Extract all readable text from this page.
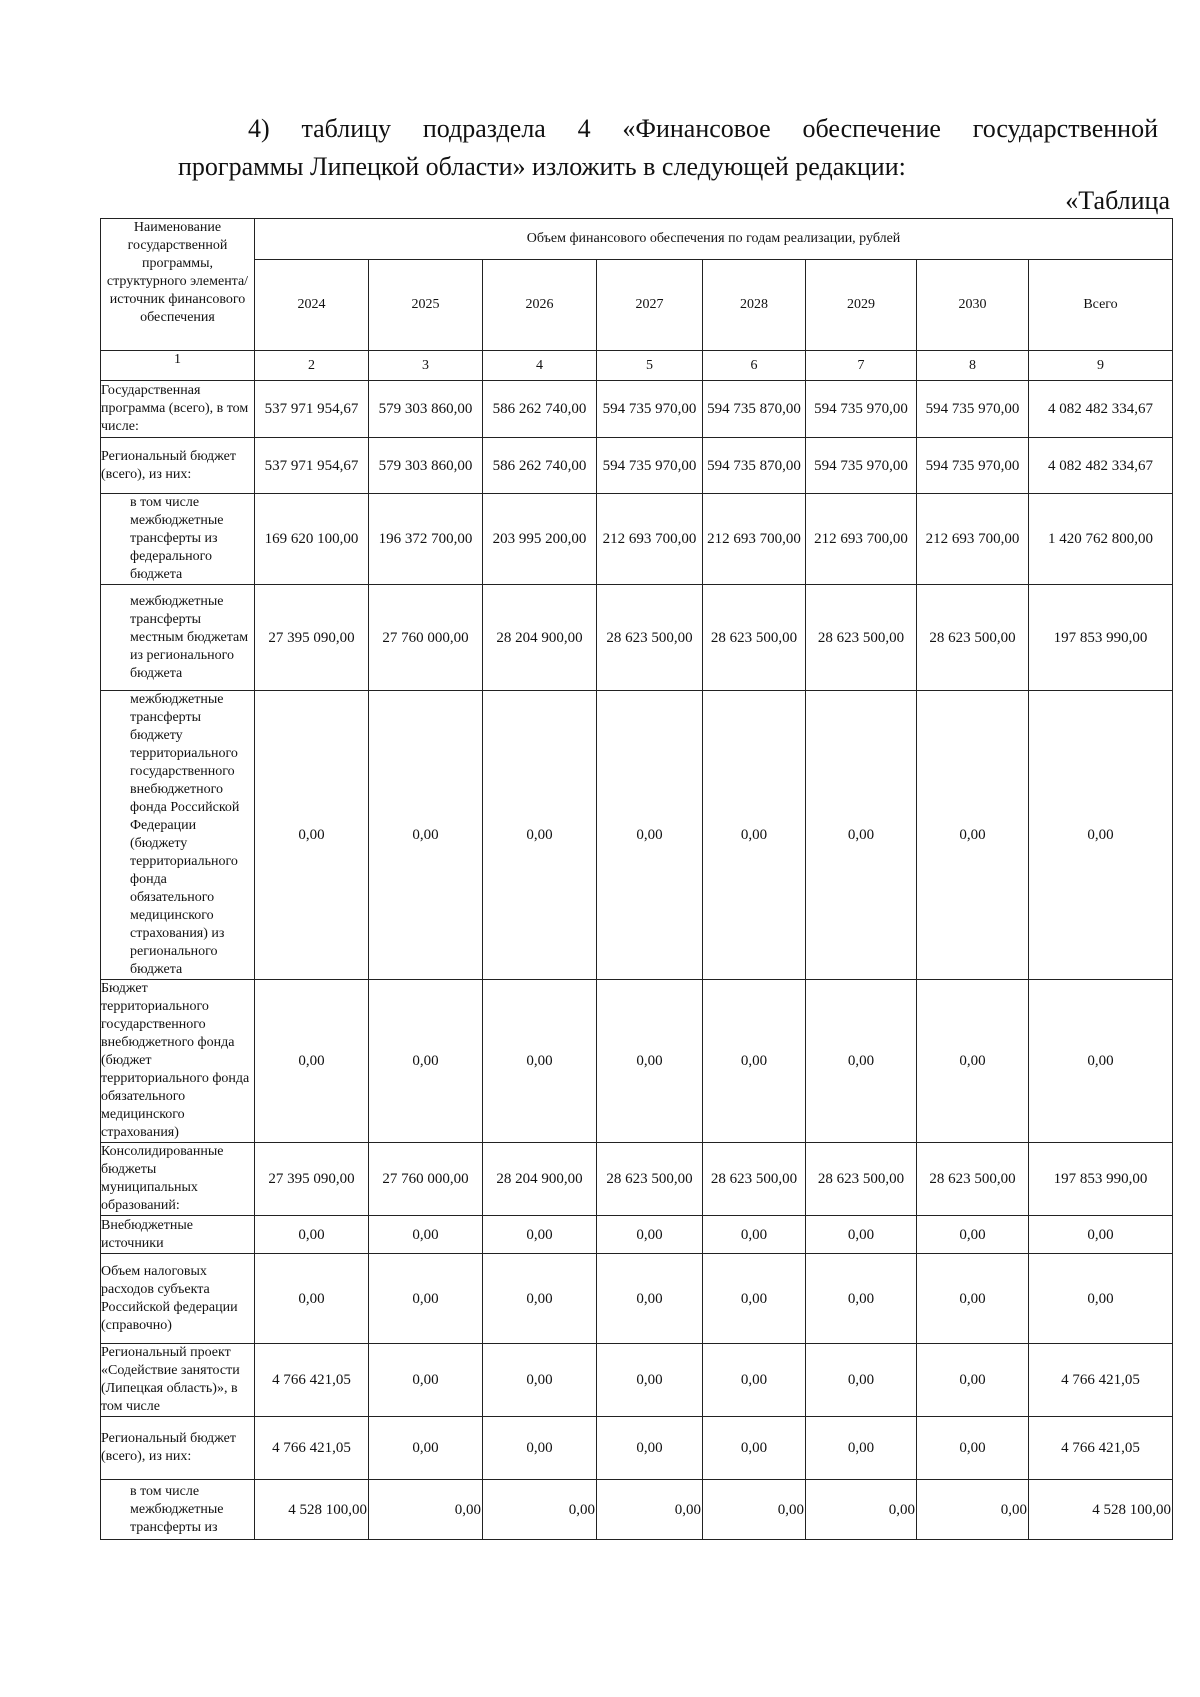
4) таблицу подраздела 4 «Финансовое обеспечение государственной
программы Липецкой области» изложить в следующей редакции:
«Таблица
Наименование государственной программы, структурного элемента/источник финансового обеспечения	Объем финансового обеспечения по годам реализации, рублей							
	2024	2025	2026	2027	2028	2029	2030	Всего
1	2	3	4	5	6	7	8	9
Государственная программа (всего), в том числе:	537 971 954,67	579 303 860,00	586 262 740,00	594 735 970,00	594 735 870,00	594 735 970,00	594 735 970,00	4 082 482 334,67
Региональный бюджет (всего), из них:	537 971 954,67	579 303 860,00	586 262 740,00	594 735 970,00	594 735 870,00	594 735 970,00	594 735 970,00	4 082 482 334,67
в том числе межбюджетные трансферты из федерального бюджета	169 620 100,00	196 372 700,00	203 995 200,00	212 693 700,00	212 693 700,00	212 693 700,00	212 693 700,00	1 420 762 800,00
межбюджетные трансферты местным бюджетам из регионального бюджета	27 395 090,00	27 760 000,00	28 204 900,00	28 623 500,00	28 623 500,00	28 623 500,00	28 623 500,00	197 853 990,00
межбюджетные трансферты бюджету территориального государственного внебюджетного фонда Российской Федерации (бюджету территориального фонда обязательного медицинского страхования) из регионального бюджета	0,00	0,00	0,00	0,00	0,00	0,00	0,00	0,00
Бюджет территориального государственного внебюджетного фонда (бюджет территориального фонда обязательного медицинского страхования)	0,00	0,00	0,00	0,00	0,00	0,00	0,00	0,00
Консолидированные бюджеты муниципальных образований:	27 395 090,00	27 760 000,00	28 204 900,00	28 623 500,00	28 623 500,00	28 623 500,00	28 623 500,00	197 853 990,00
Внебюджетные источники	0,00	0,00	0,00	0,00	0,00	0,00	0,00	0,00
Объем налоговых расходов субъекта Российской федерации (справочно)	0,00	0,00	0,00	0,00	0,00	0,00	0,00	0,00
Региональный проект «Содействие занятости (Липецкая область)», в том числе	4 766 421,05	0,00	0,00	0,00	0,00	0,00	0,00	4 766 421,05
Региональный бюджет (всего), из них:	4 766 421,05	0,00	0,00	0,00	0,00	0,00	0,00	4 766 421,05
в том числе межбюджетные трансферты из	4 528 100,00	0,00	0,00	0,00	0,00	0,00	0,00	4 528 100,00
